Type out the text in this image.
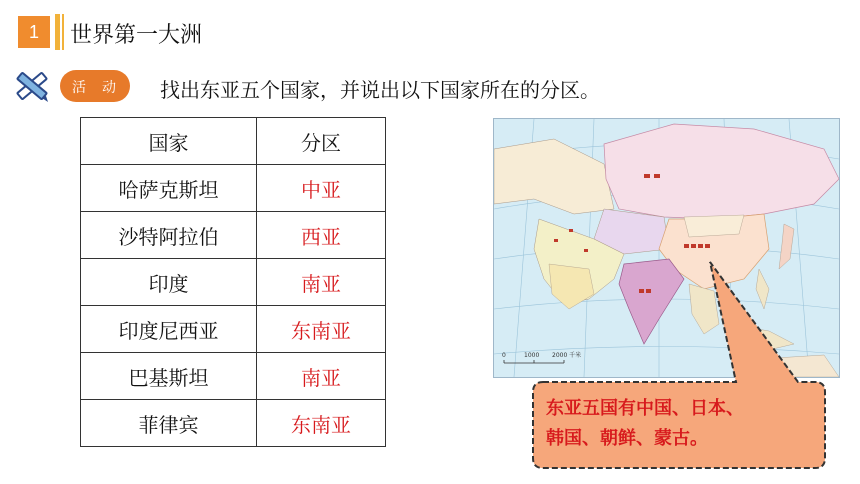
1	世界第一大洲
活 动 找出东亚五个国家，并说出以下国家所在的分区。
国家	分区
哈萨克斯坦	中亚
沙特阿拉伯	西亚
印度	南亚
印度尼西亚	东南亚
巴基斯坦	南亚
菲律宾	东南亚
0	1000 2000 千米
东亚五国有中国、日本、
韩国、朝鲜、蒙古。
